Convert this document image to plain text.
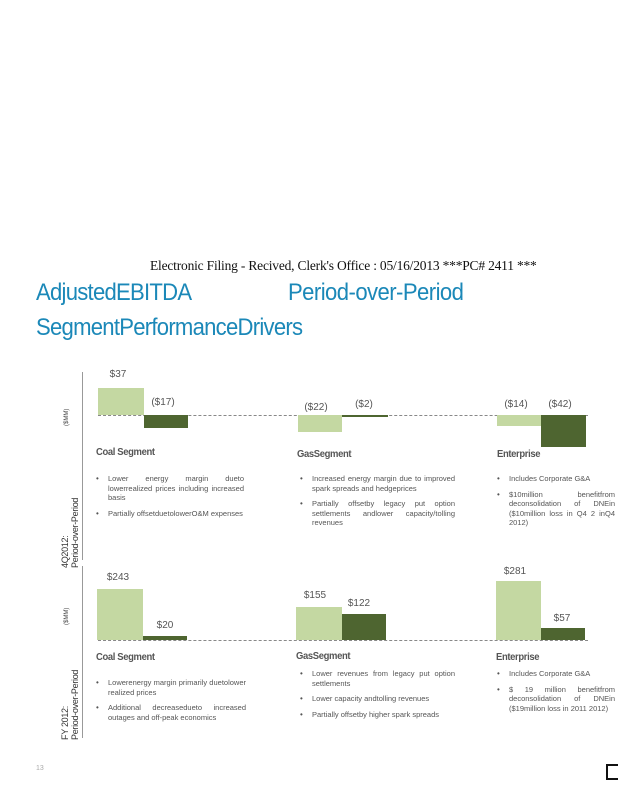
Electronic Filing - Recived, Clerk's Office : 05/16/2013 ***PC# 2411 ***
AdjustedEBITDA	Period-over-Period
SegmentPerformanceDrivers
4Q2012: Period-over-Period
($MM)
$37
($17)	($22)	($2)	($14)	($42)
Coal Segment
• Lower energy margin dueto lowerrealized prices including increased basis
• Partially offsetduetolowerO&M expenses
GasSegment
• Increased energy margin due to improved spark spreads and hedgeprices
• Partially offsetby legacy put option settlements andlower capacity/tolling revenues
Enterprise
• Includes Corporate G&A
• $10million benefitfrom deconsolidation of DNEin ($10million loss in Q4 2 inQ4 2012)
FY 2012: Period-over-Period
($MM)
$243
$20
$155
$122
$281
$57
Coal Segment
• Lowerenergy margin primarily duetolower realized prices
• Additional decreasedueto increased outages and off-peak economics
GasSegment
• Lower revenues from legacy put option settlements
• Lower capacity andtolling revenues
• Partially offsetby higher spark spreads
Enterprise
• Includes Corporate G&A
• $ 19 million benefitfrom deconsolidation of DNEin ($19million loss in 2011 2012)
13
